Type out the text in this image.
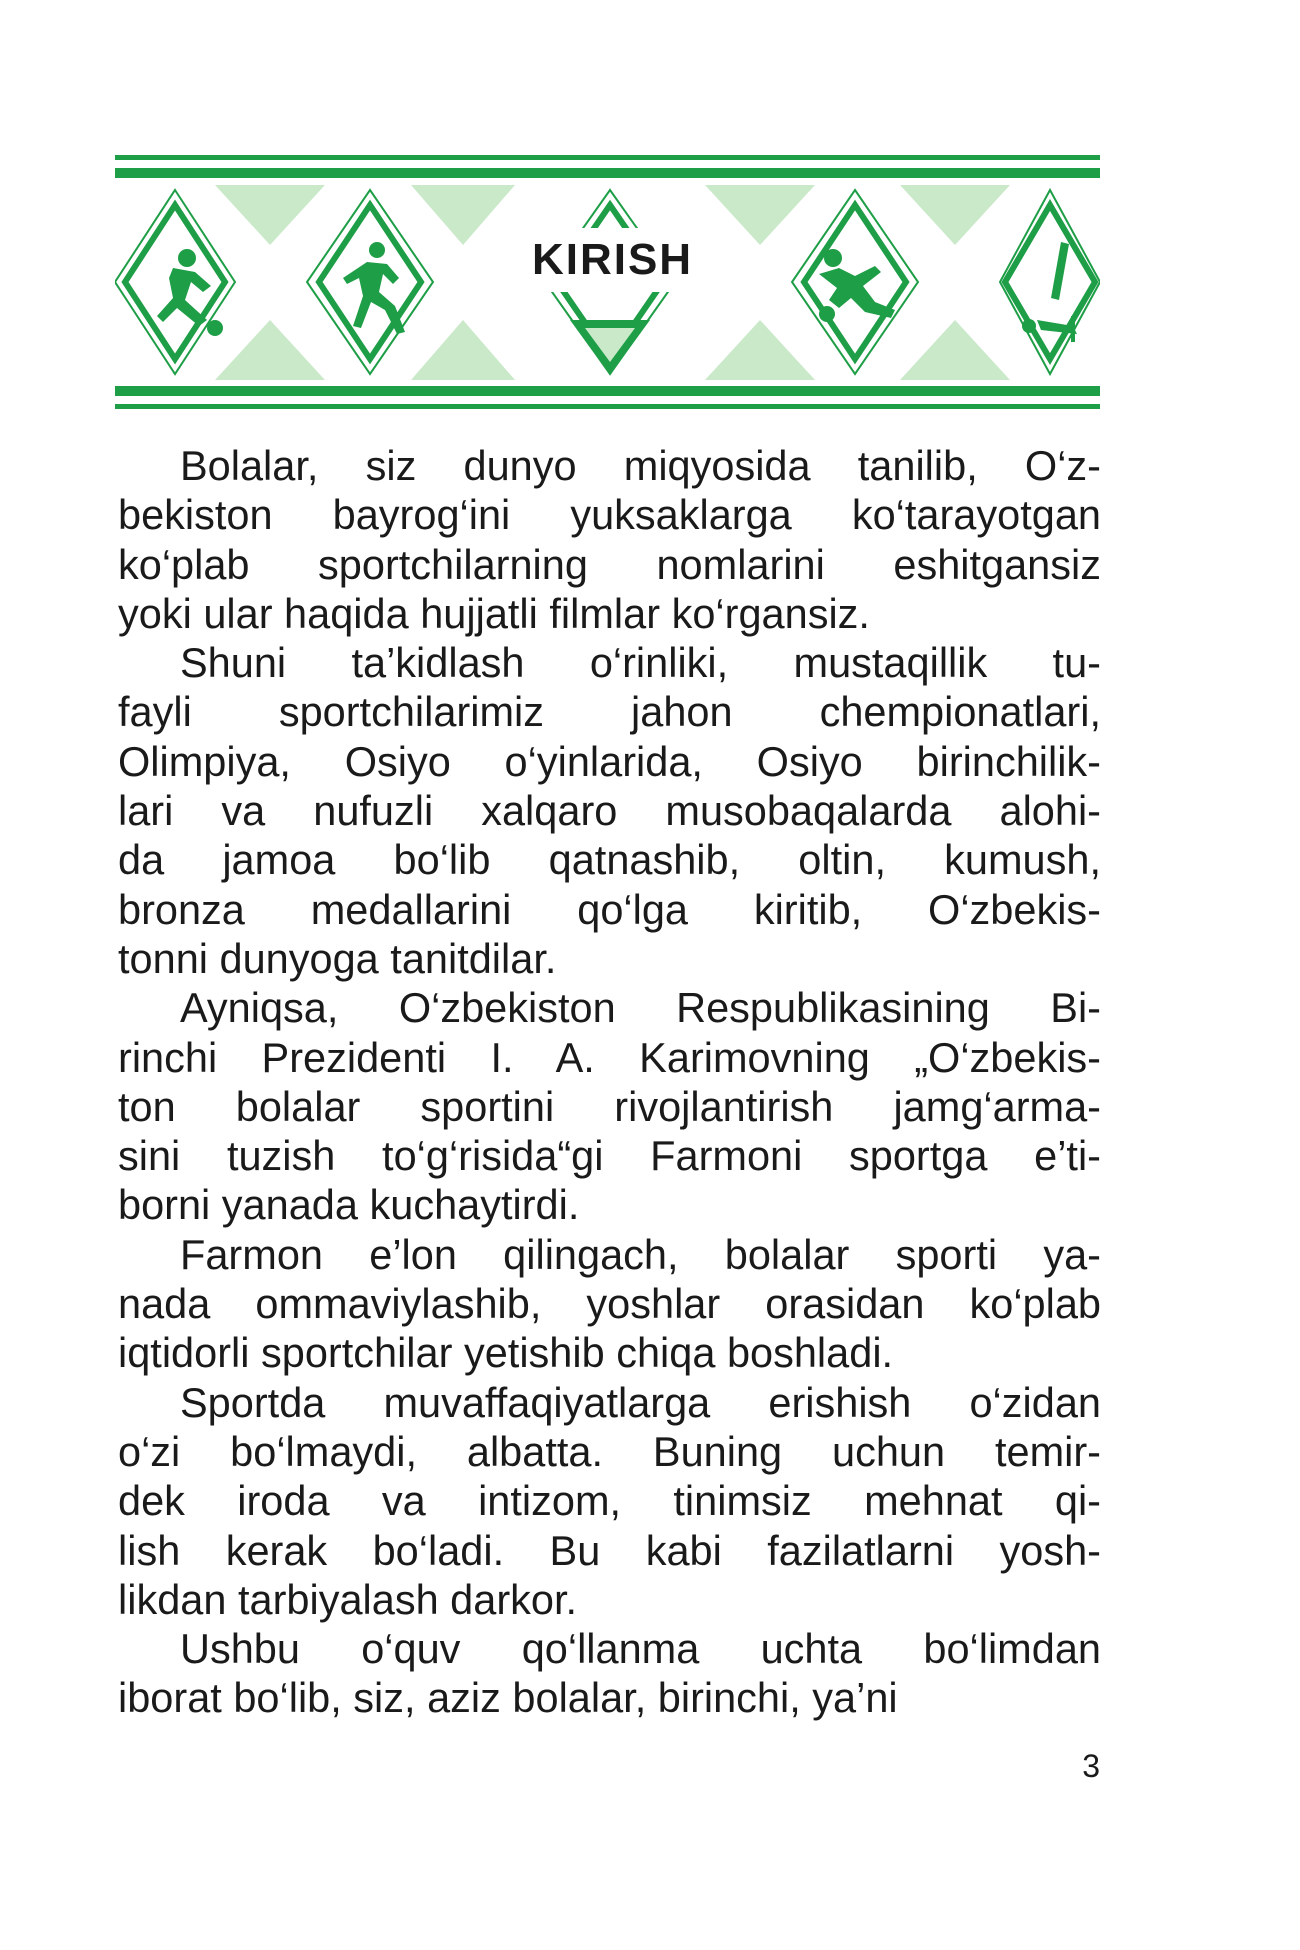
KIRISH
Bolalar, siz dunyo miqyosida tanilib, O‘z-
bekiston bayrog‘ini yuksaklarga ko‘tarayotgan
ko‘plab sportchilarning nomlarini eshitgansiz
yoki ular haqida hujjatli filmlar ko‘rgansiz.
Shuni ta’kidlash o‘rinliki, mustaqillik tu-
fayli sportchilarimiz jahon chempionatlari,
Olimpiya, Osiyo o‘yinlarida, Osiyo birinchilik-
lari va nufuzli xalqaro musobaqalarda alohi-
da jamoa bo‘lib qatnashib, oltin, kumush,
bronza medallarini qo‘lga kiritib, O‘zbekis-
tonni dunyoga tanitdilar.
Ayniqsa, O‘zbekiston Respublikasining Bi-
rinchi Prezidenti I. A. Karimovning „O‘zbekis-
ton bolalar sportini rivojlantirish jamg‘arma-
sini tuzish to‘g‘risida“gi Farmoni sportga e’ti-
borni yanada kuchaytirdi.
Farmon e’lon qilingach, bolalar sporti ya-
nada ommaviylashib, yoshlar orasidan ko‘plab
iqtidorli sportchilar yetishib chiqa boshladi.
Sportda muvaffaqiyatlarga erishish o‘zidan
o‘zi bo‘lmaydi, albatta. Buning uchun temir-
dek iroda va intizom, tinimsiz mehnat qi-
lish kerak bo‘ladi. Bu kabi fazilatlarni yosh-
likdan tarbiyalash darkor.
Ushbu o‘quv qo‘llanma uchta bo‘limdan
iborat bo‘lib, siz, aziz bolalar, birinchi, ya’ni
3
